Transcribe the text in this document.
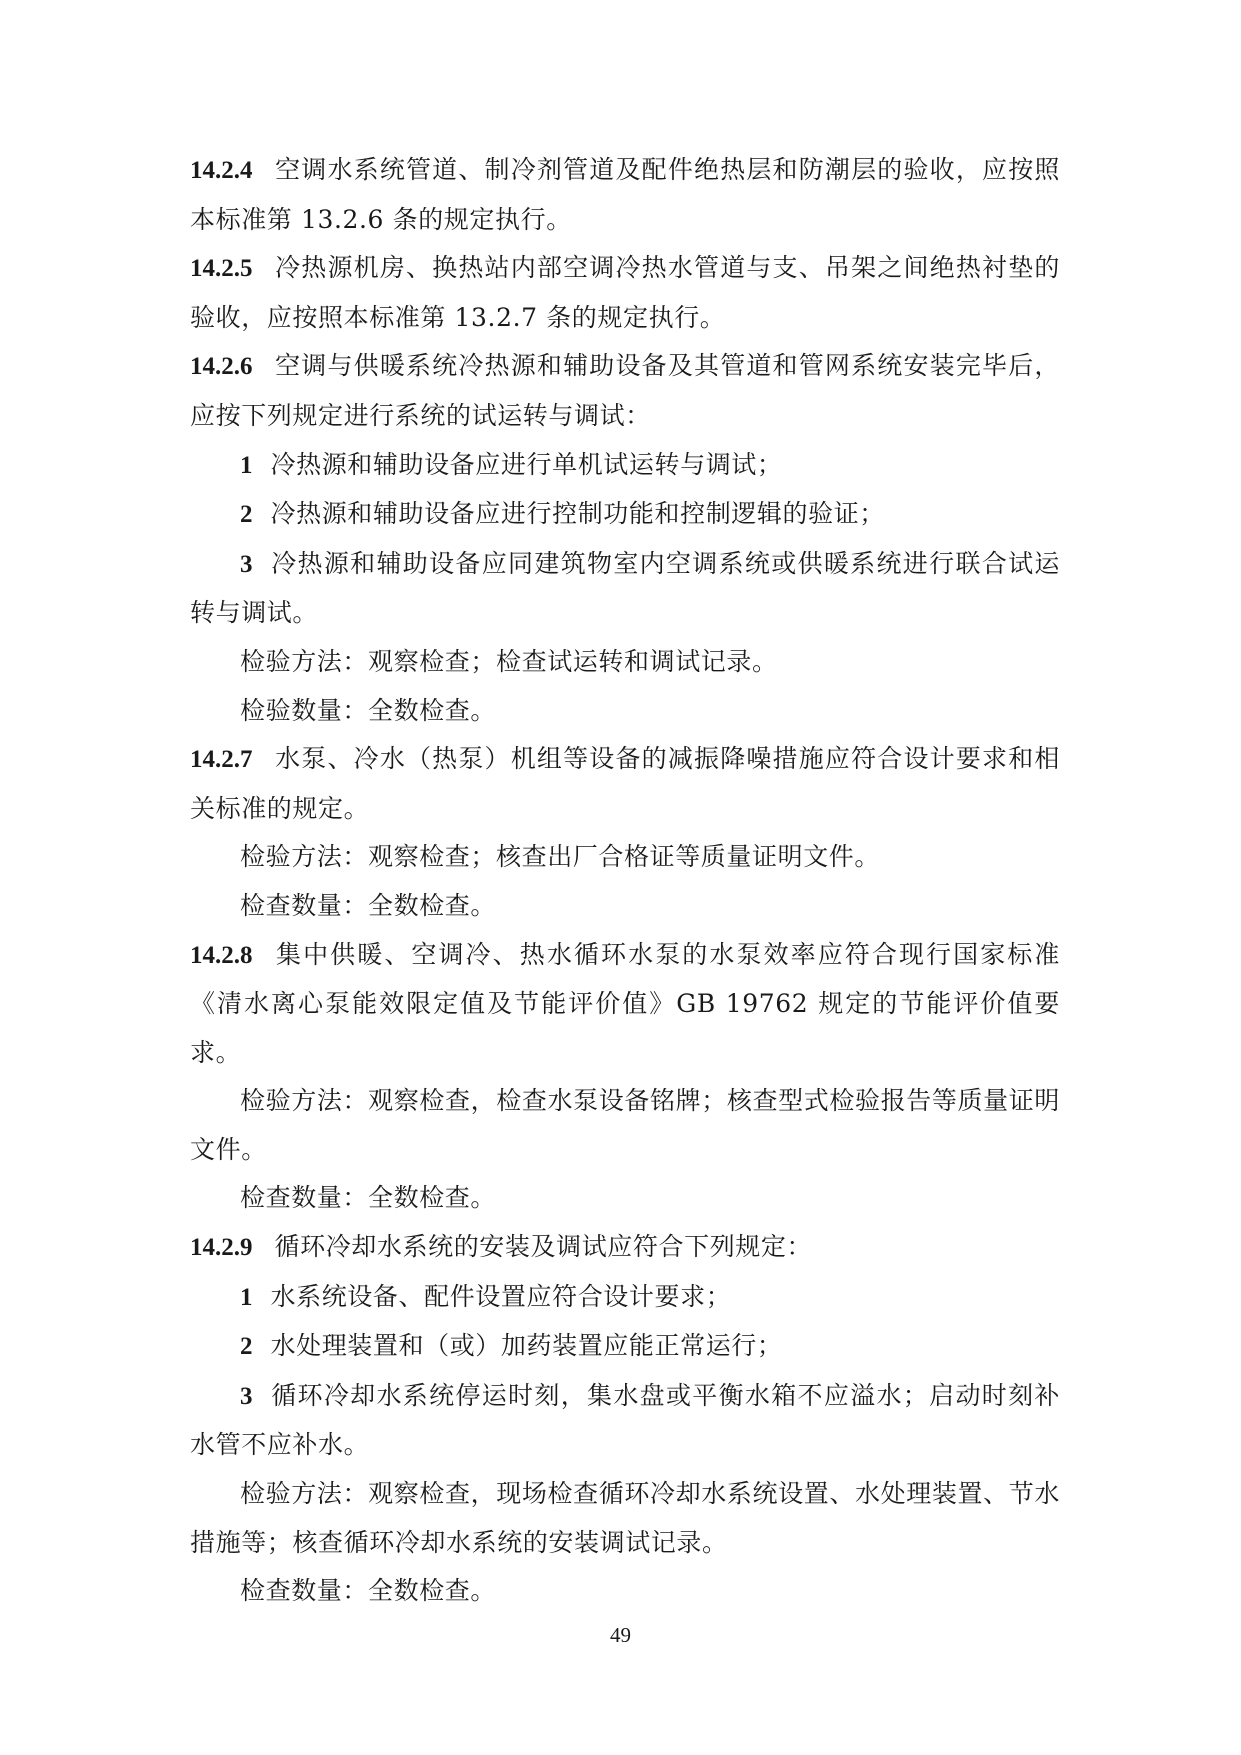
14.2.4 空调水系统管道、制冷剂管道及配件绝热层和防潮层的验收，应按照本标准第 13.2.6 条的规定执行。

14.2.5 冷热源机房、换热站内部空调冷热水管道与支、吊架之间绝热衬垫的验收，应按照本标准第 13.2.7 条的规定执行。

14.2.6 空调与供暖系统冷热源和辅助设备及其管道和管网系统安装完毕后，应按下列规定进行系统的试运转与调试：

1 冷热源和辅助设备应进行单机试运转与调试；

2 冷热源和辅助设备应进行控制功能和控制逻辑的验证；

3 冷热源和辅助设备应同建筑物室内空调系统或供暖系统进行联合试运转与调试。

检验方法：观察检查；检查试运转和调试记录。

检验数量：全数检查。

14.2.7 水泵、冷水（热泵）机组等设备的减振降噪措施应符合设计要求和相关标准的规定。

检验方法：观察检查；核查出厂合格证等质量证明文件。

检查数量：全数检查。

14.2.8 集中供暖、空调冷、热水循环水泵的水泵效率应符合现行国家标准《清水离心泵能效限定值及节能评价值》GB 19762 规定的节能评价值要求。

检验方法：观察检查，检查水泵设备铭牌；核查型式检验报告等质量证明文件。

检查数量：全数检查。

14.2.9 循环冷却水系统的安装及调试应符合下列规定：

1 水系统设备、配件设置应符合设计要求；

2 水处理装置和（或）加药装置应能正常运行；

3 循环冷却水系统停运时刻，集水盘或平衡水箱不应溢水；启动时刻补水管不应补水。

检验方法：观察检查，现场检查循环冷却水系统设置、水处理装置、节水措施等；核查循环冷却水系统的安装调试记录。

检查数量：全数检查。

49
